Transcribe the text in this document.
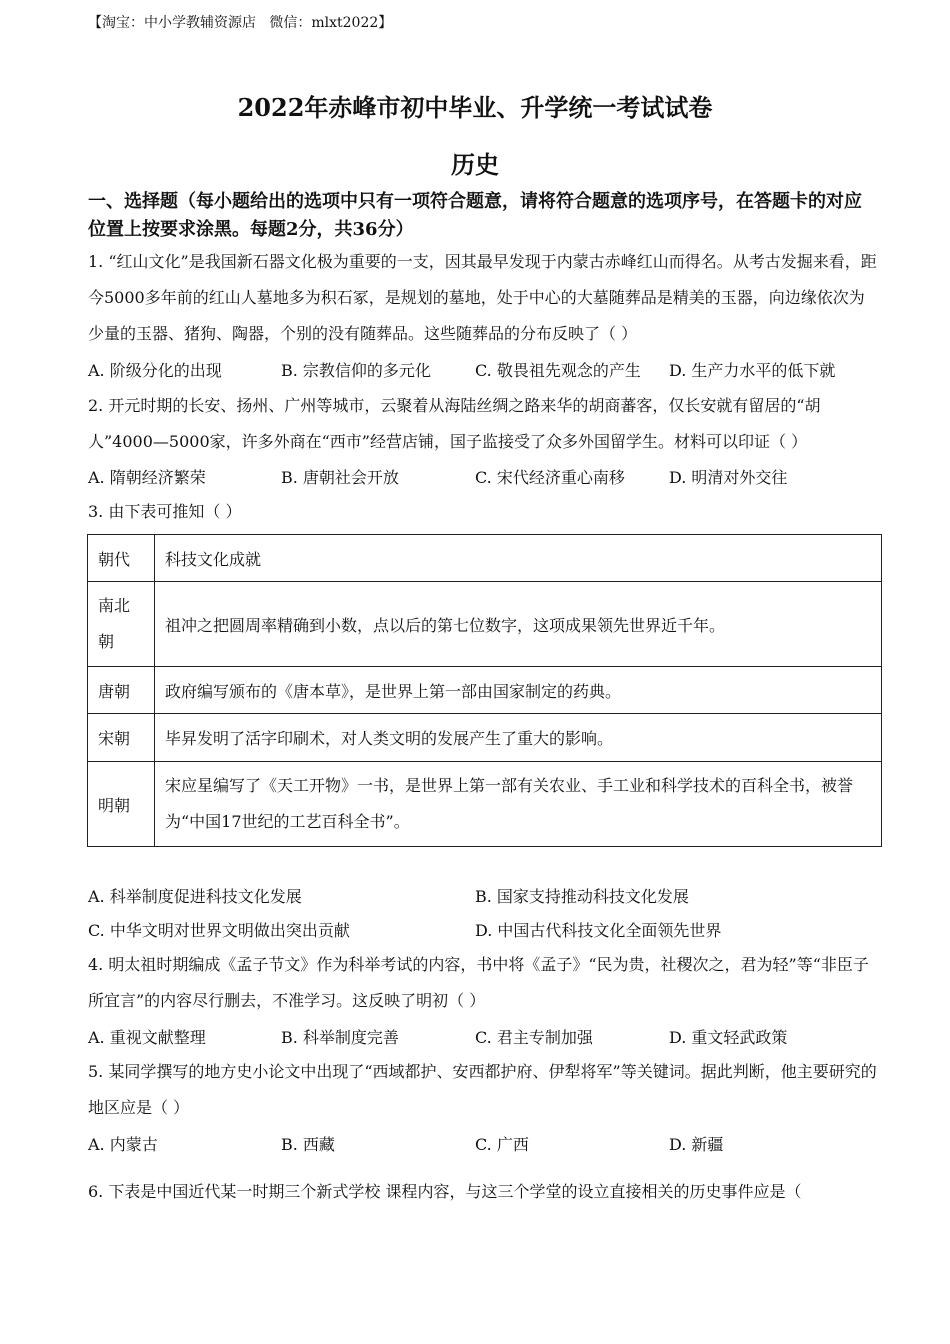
【淘宝：中小学教辅资源店   微信：mlxt2022】
2022年赤峰市初中毕业、升学统一考试试卷
历史
一、选择题（每小题给出的选项中只有一项符合题意，请将符合题意的选项序号，在答题卡的对应位置上按要求涂黑。每题2分，共36分）
1. “红山文化”是我国新石器文化极为重要的一支，因其最早发现于内蒙古赤峰红山而得名。从考古发掘来看，距今5000多年前的红山人墓地多为积石冢，是规划的墓地，处于中心的大墓随葬品是精美的玉器，向边缘依次为少量的玉器、猪狗、陶器，个别的没有随葬品。这些随葬品的分布反映了（ ）
A. 阶级分化的出现	B. 宗教信仰的多元化	C. 敬畏祖先观念的产生 D. 生产力水平的低下就
2. 开元时期的长安、扬州、广州等城市，云聚着从海陆丝绸之路来华的胡商蕃客，仅长安就有留居的“胡人”4000—5000家，许多外商在“西市”经营店铺，国子监接受了众多外国留学生。材料可以印证（ ）
A. 隋朝经济繁荣	B. 唐朝社会开放	C. 宋代经济重心南移	D. 明清对外交往
3. 由下表可推知（ ）
朝代	科技文化成就
南北朝	祖冲之把圆周率精确到小数，点以后的第七位数字，这项成果领先世界近千年。
唐朝	政府编写颁布的《唐本草》，是世界上第一部由国家制定的药典。
宋朝	毕昇发明了活字印刷术，对人类文明的发展产生了重大的影响。
明朝	宋应星编写了《天工开物》一书，是世界上第一部有关农业、手工业和科学技术的百科全书，被誉为“中国17世纪的工艺百科全书”。
A. 科举制度促进科技文化发展	B. 国家支持推动科技文化发展
C. 中华文明对世界文明做出突出贡献	D. 中国古代科技文化全面领先世界
4. 明太祖时期编成《孟子节文》作为科举考试的内容，书中将《孟子》“民为贵，社稷次之，君为轻”等“非臣子所宜言”的内容尽行删去，不准学习。这反映了明初（ ）
A. 重视文献整理	B. 科举制度完善	C. 君主专制加强	D. 重文轻武政策
5. 某同学撰写的地方史小论文中出现了“西域都护、安西都护府、伊犁将军”等关键词。据此判断，他主要研究的地区应是（ ）
A. 内蒙古	B. 西藏	C. 广西	D. 新疆
6. 下表是中国近代某一时期三个新式学校 课程内容，与这三个学堂的设立直接相关的历史事件应是（
